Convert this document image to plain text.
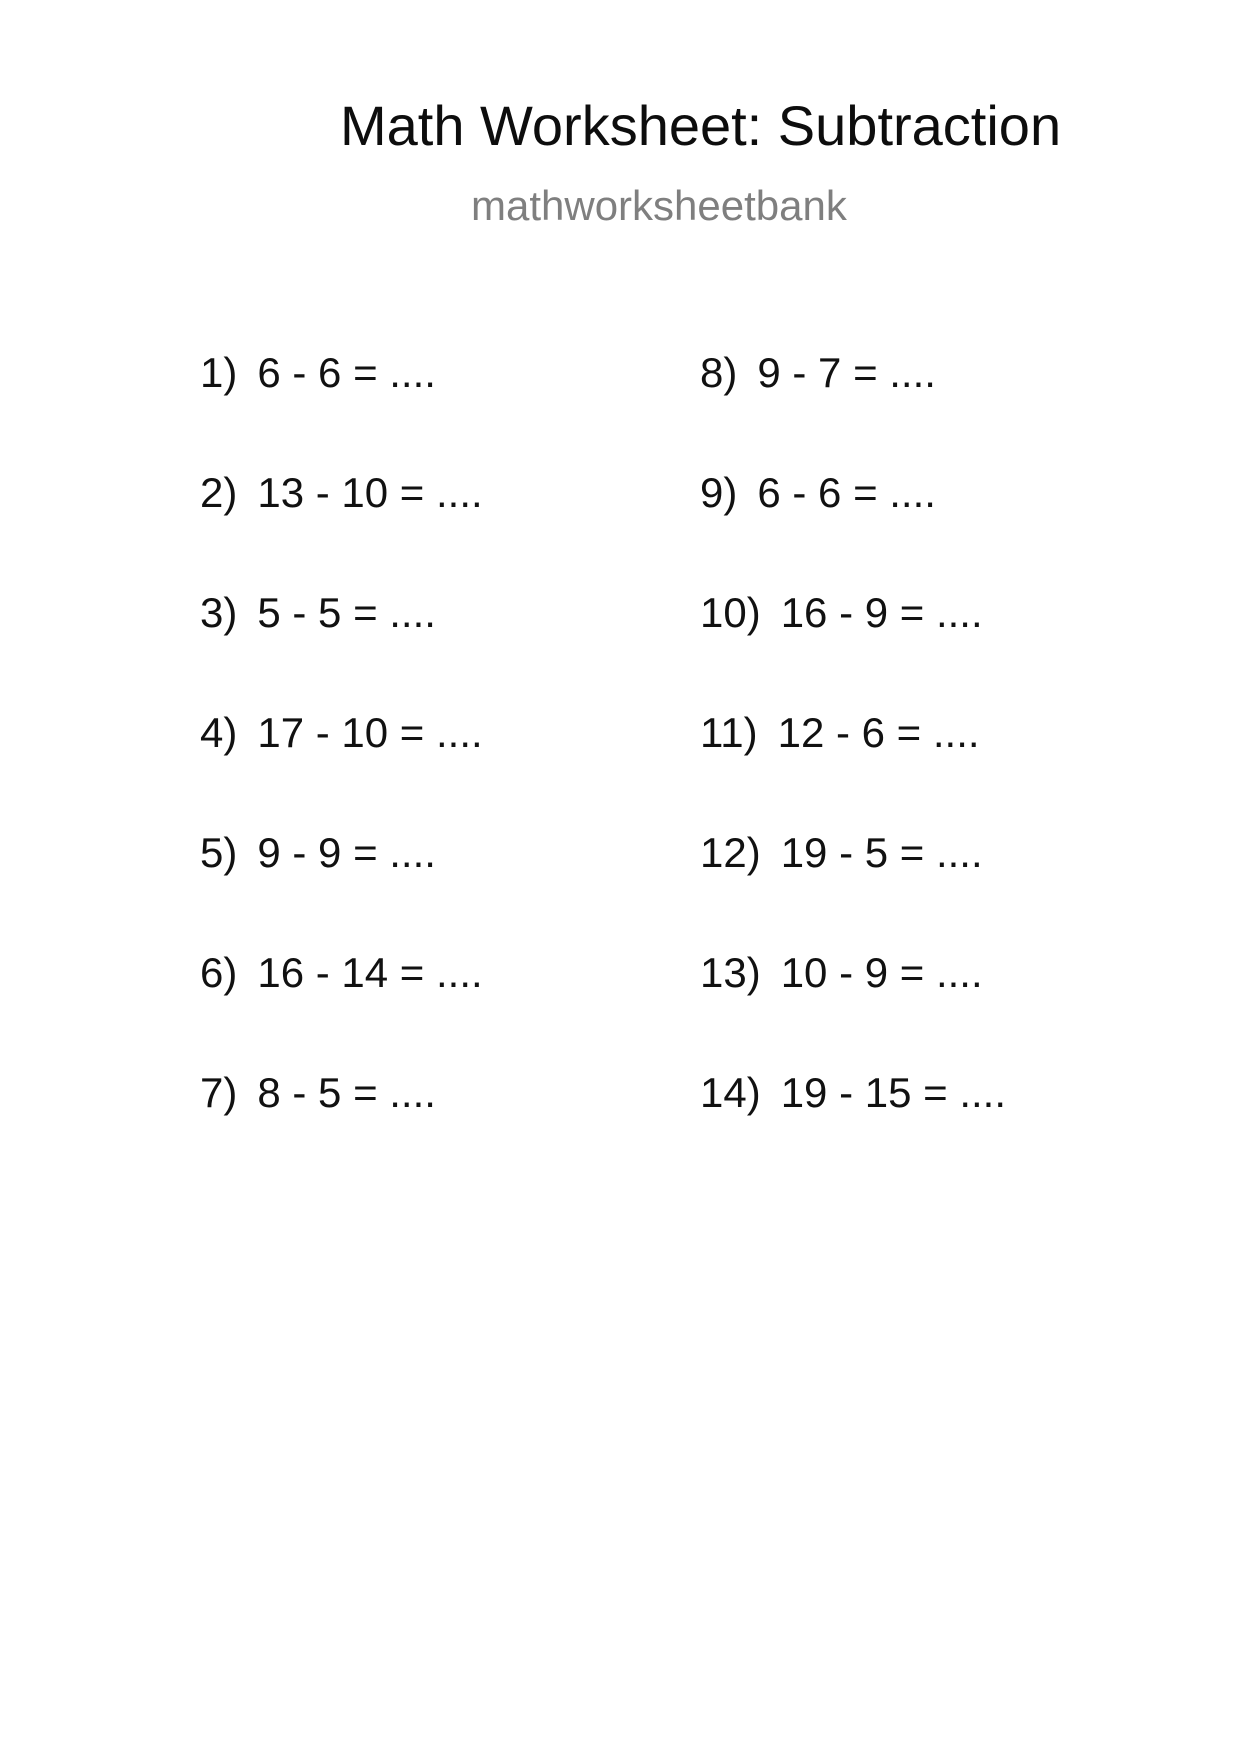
Math Worksheet: Subtraction
mathworksheetbank
1) 6 - 6 = ....
2) 13 - 10 = ....
3) 5 - 5 = ....
4) 17 - 10 = ....
5) 9 - 9 = ....
6) 16 - 14 = ....
7) 8 - 5 = ....
8) 9 - 7 = ....
9) 6 - 6 = ....
10) 16 - 9 = ....
11) 12 - 6 = ....
12) 19 - 5 = ....
13) 10 - 9 = ....
14) 19 - 15 = ....
